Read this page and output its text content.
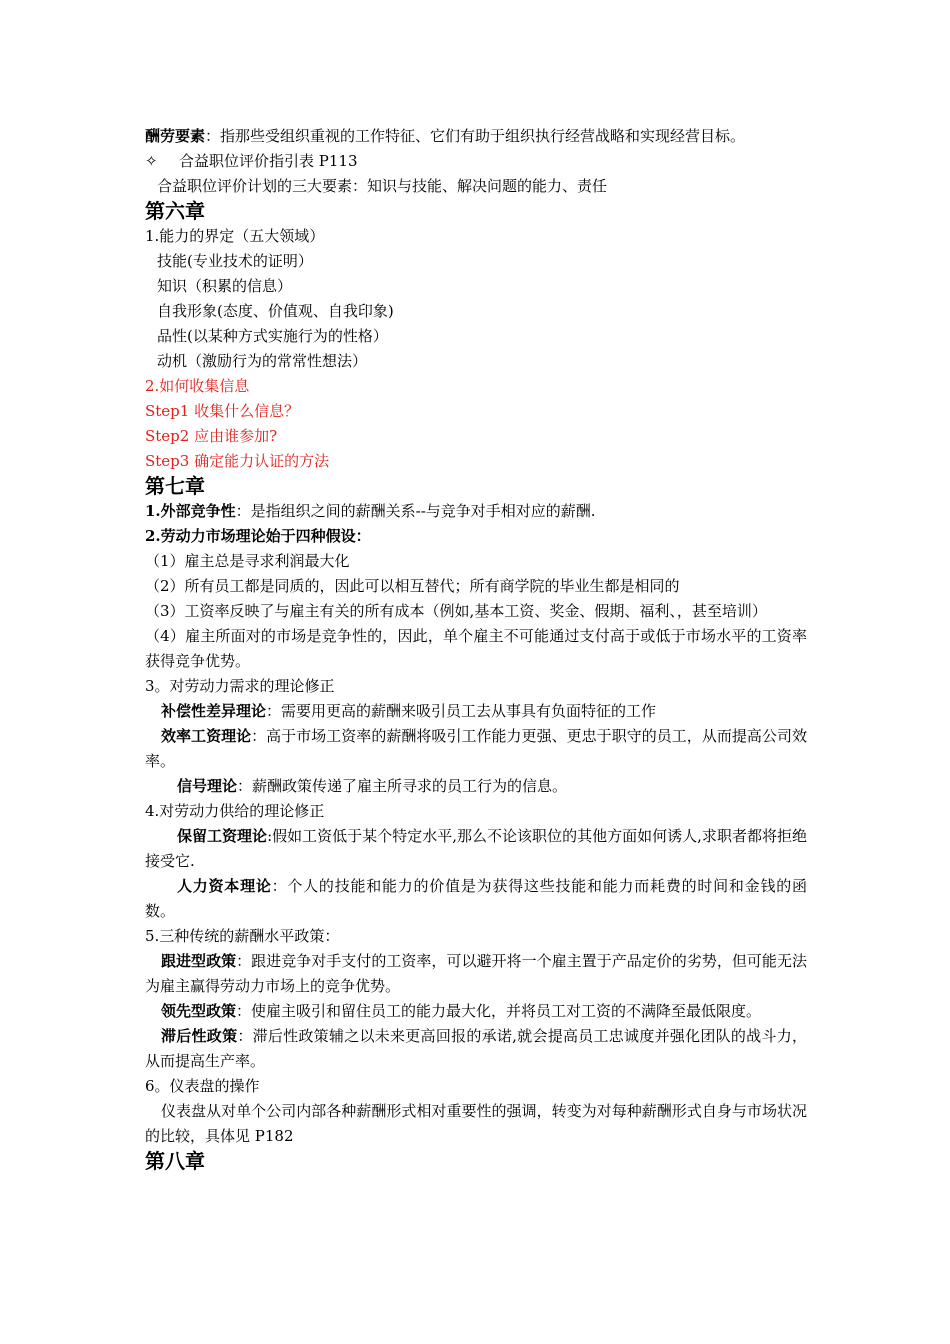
酬劳要素：指那些受组织重视的工作特征、它们有助于组织执行经营战略和实现经营目标。

✧ 合益职位评价指引表 P113

合益职位评价计划的三大要素：知识与技能、解决问题的能力、责任

第六章

1.能力的界定（五大领域）

技能(专业技术的证明）

知识（积累的信息）

自我形象(态度、价值观、自我印象)

品性(以某种方式实施行为的性格）

动机（激励行为的常常性想法）

2.如何收集信息

Step1 收集什么信息？

Step2 应由谁参加?

Step3 确定能力认证的方法

第七章

1.外部竞争性：是指组织之间的薪酬关系--与竞争对手相对应的薪酬.

2.劳动力市场理论始于四种假设：

（1）雇主总是寻求利润最大化

（2）所有员工都是同质的，因此可以相互替代；所有商学院的毕业生都是相同的

（3）工资率反映了与雇主有关的所有成本（例如,基本工资、奖金、假期、福利、，甚至培训）

（4）雇主所面对的市场是竞争性的，因此，单个雇主不可能通过支付高于或低于市场水平的工资率获得竞争优势。

3。对劳动力需求的理论修正

补偿性差异理论：需要用更高的薪酬来吸引员工去从事具有负面特征的工作

效率工资理论：高于市场工资率的薪酬将吸引工作能力更强、更忠于职守的员工，从而提高公司效率。

信号理论：薪酬政策传递了雇主所寻求的员工行为的信息。

4.对劳动力供给的理论修正

保留工资理论:假如工资低于某个特定水平,那么不论该职位的其他方面如何诱人,求职者都将拒绝接受它.

人力资本理论：个人的技能和能力的价值是为获得这些技能和能力而耗费的时间和金钱的函数。

5.三种传统的薪酬水平政策：

跟进型政策：跟进竞争对手支付的工资率，可以避开将一个雇主置于产品定价的劣势，但可能无法为雇主赢得劳动力市场上的竞争优势。

领先型政策：使雇主吸引和留住员工的能力最大化，并将员工对工资的不满降至最低限度。

滞后性政策：滞后性政策辅之以未来更高回报的承诺,就会提高员工忠诚度并强化团队的战斗力，从而提高生产率。

6。仪表盘的操作

仪表盘从对单个公司内部各种薪酬形式相对重要性的强调，转变为对每种薪酬形式自身与市场状况的比较，具体见 P182

第八章
